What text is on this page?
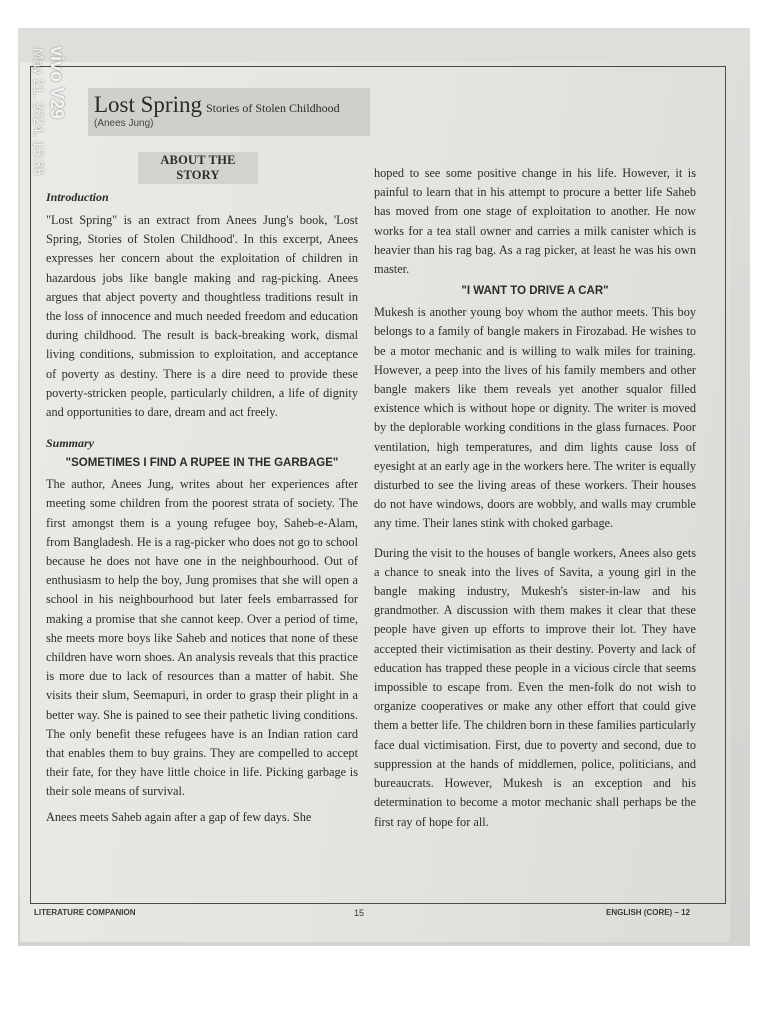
vivo V29
May 21, 2024, 15:35 Lost Spring Stories of Stolen Childhood
(Anees Jung)
ABOUT THE STORY
Introduction

"Lost Spring" is an extract from Anees Jung's book, 'Lost Spring, Stories of Stolen Childhood'. In this excerpt, Anees expresses her concern about the exploitation of children in hazardous jobs like bangle making and rag-picking. Anees argues that abject poverty and thoughtless traditions result in the loss of innocence and much needed freedom and education during childhood. The result is back-breaking work, dismal living conditions, submission to exploitation, and acceptance of poverty as destiny. There is a dire need to provide these poverty-stricken people, particularly children, a life of dignity and opportunities to dare, dream and act freely.

Summary
"SOMETIMES I FIND A RUPEE IN THE GARBAGE"

The author, Anees Jung, writes about her experiences after meeting some children from the poorest strata of society. The first amongst them is a young refugee boy, Saheb-e-Alam, from Bangladesh. He is a rag-picker who does not go to school because he does not have one in the neighbourhood. Out of enthusiasm to help the boy, Jung promises that she will open a school in his neighbourhood but later feels embarrassed for making a promise that she cannot keep. Over a period of time, she meets more boys like Saheb and notices that none of these children have worn shoes. An analysis reveals that this practice is more due to lack of resources than a matter of habit. She visits their slum, Seemapuri, in order to grasp their plight in a better way. She is pained to see their pathetic living conditions. The only benefit these refugees have is an Indian ration card that enables them to buy grains. They are compelled to accept their fate, for they have little choice in life. Picking garbage is their sole means of survival.

Anees meets Saheb again after a gap of few days. She

hoped to see some positive change in his life. However, it is painful to learn that in his attempt to procure a better life Saheb has moved from one stage of exploitation to another. He now works for a tea stall owner and carries a milk canister which is heavier than his rag bag. As a rag picker, at least he was his own master.

"I WANT TO DRIVE A CAR"

Mukesh is another young boy whom the author meets. This boy belongs to a family of bangle makers in Firozabad. He wishes to be a motor mechanic and is willing to walk miles for training. However, a peep into the lives of his family members and other bangle makers like them reveals yet another squalor filled existence which is without hope or dignity. The writer is moved by the deplorable working conditions in the glass furnaces. Poor ventilation, high temperatures, and dim lights cause loss of eyesight at an early age in the workers here. The writer is equally disturbed to see the living areas of these workers. Their houses do not have windows, doors are wobbly, and walls may crumble any time. Their lanes stink with choked garbage.

During the visit to the houses of bangle workers, Anees also gets a chance to sneak into the lives of Savita, a young girl in the bangle making industry, Mukesh's sister-in-law and his grandmother. A discussion with them makes it clear that these people have given up efforts to improve their lot. They have accepted their victimisation as their destiny. Poverty and lack of education has trapped these people in a vicious circle that seems impossible to escape from. Even the men-folk do not wish to organize cooperatives or make any other effort that could give them a better life. The children born in these families particularly face dual victimisation. First, due to poverty and second, due to suppression at the hands of middlemen, police, politicians, and bureaucrats. However, Mukesh is an exception and his determination to become a motor mechanic shall perhaps be the first ray of hope for all.

LITERATURE COMPANION	15	ENGLISH (CORE) – 12
